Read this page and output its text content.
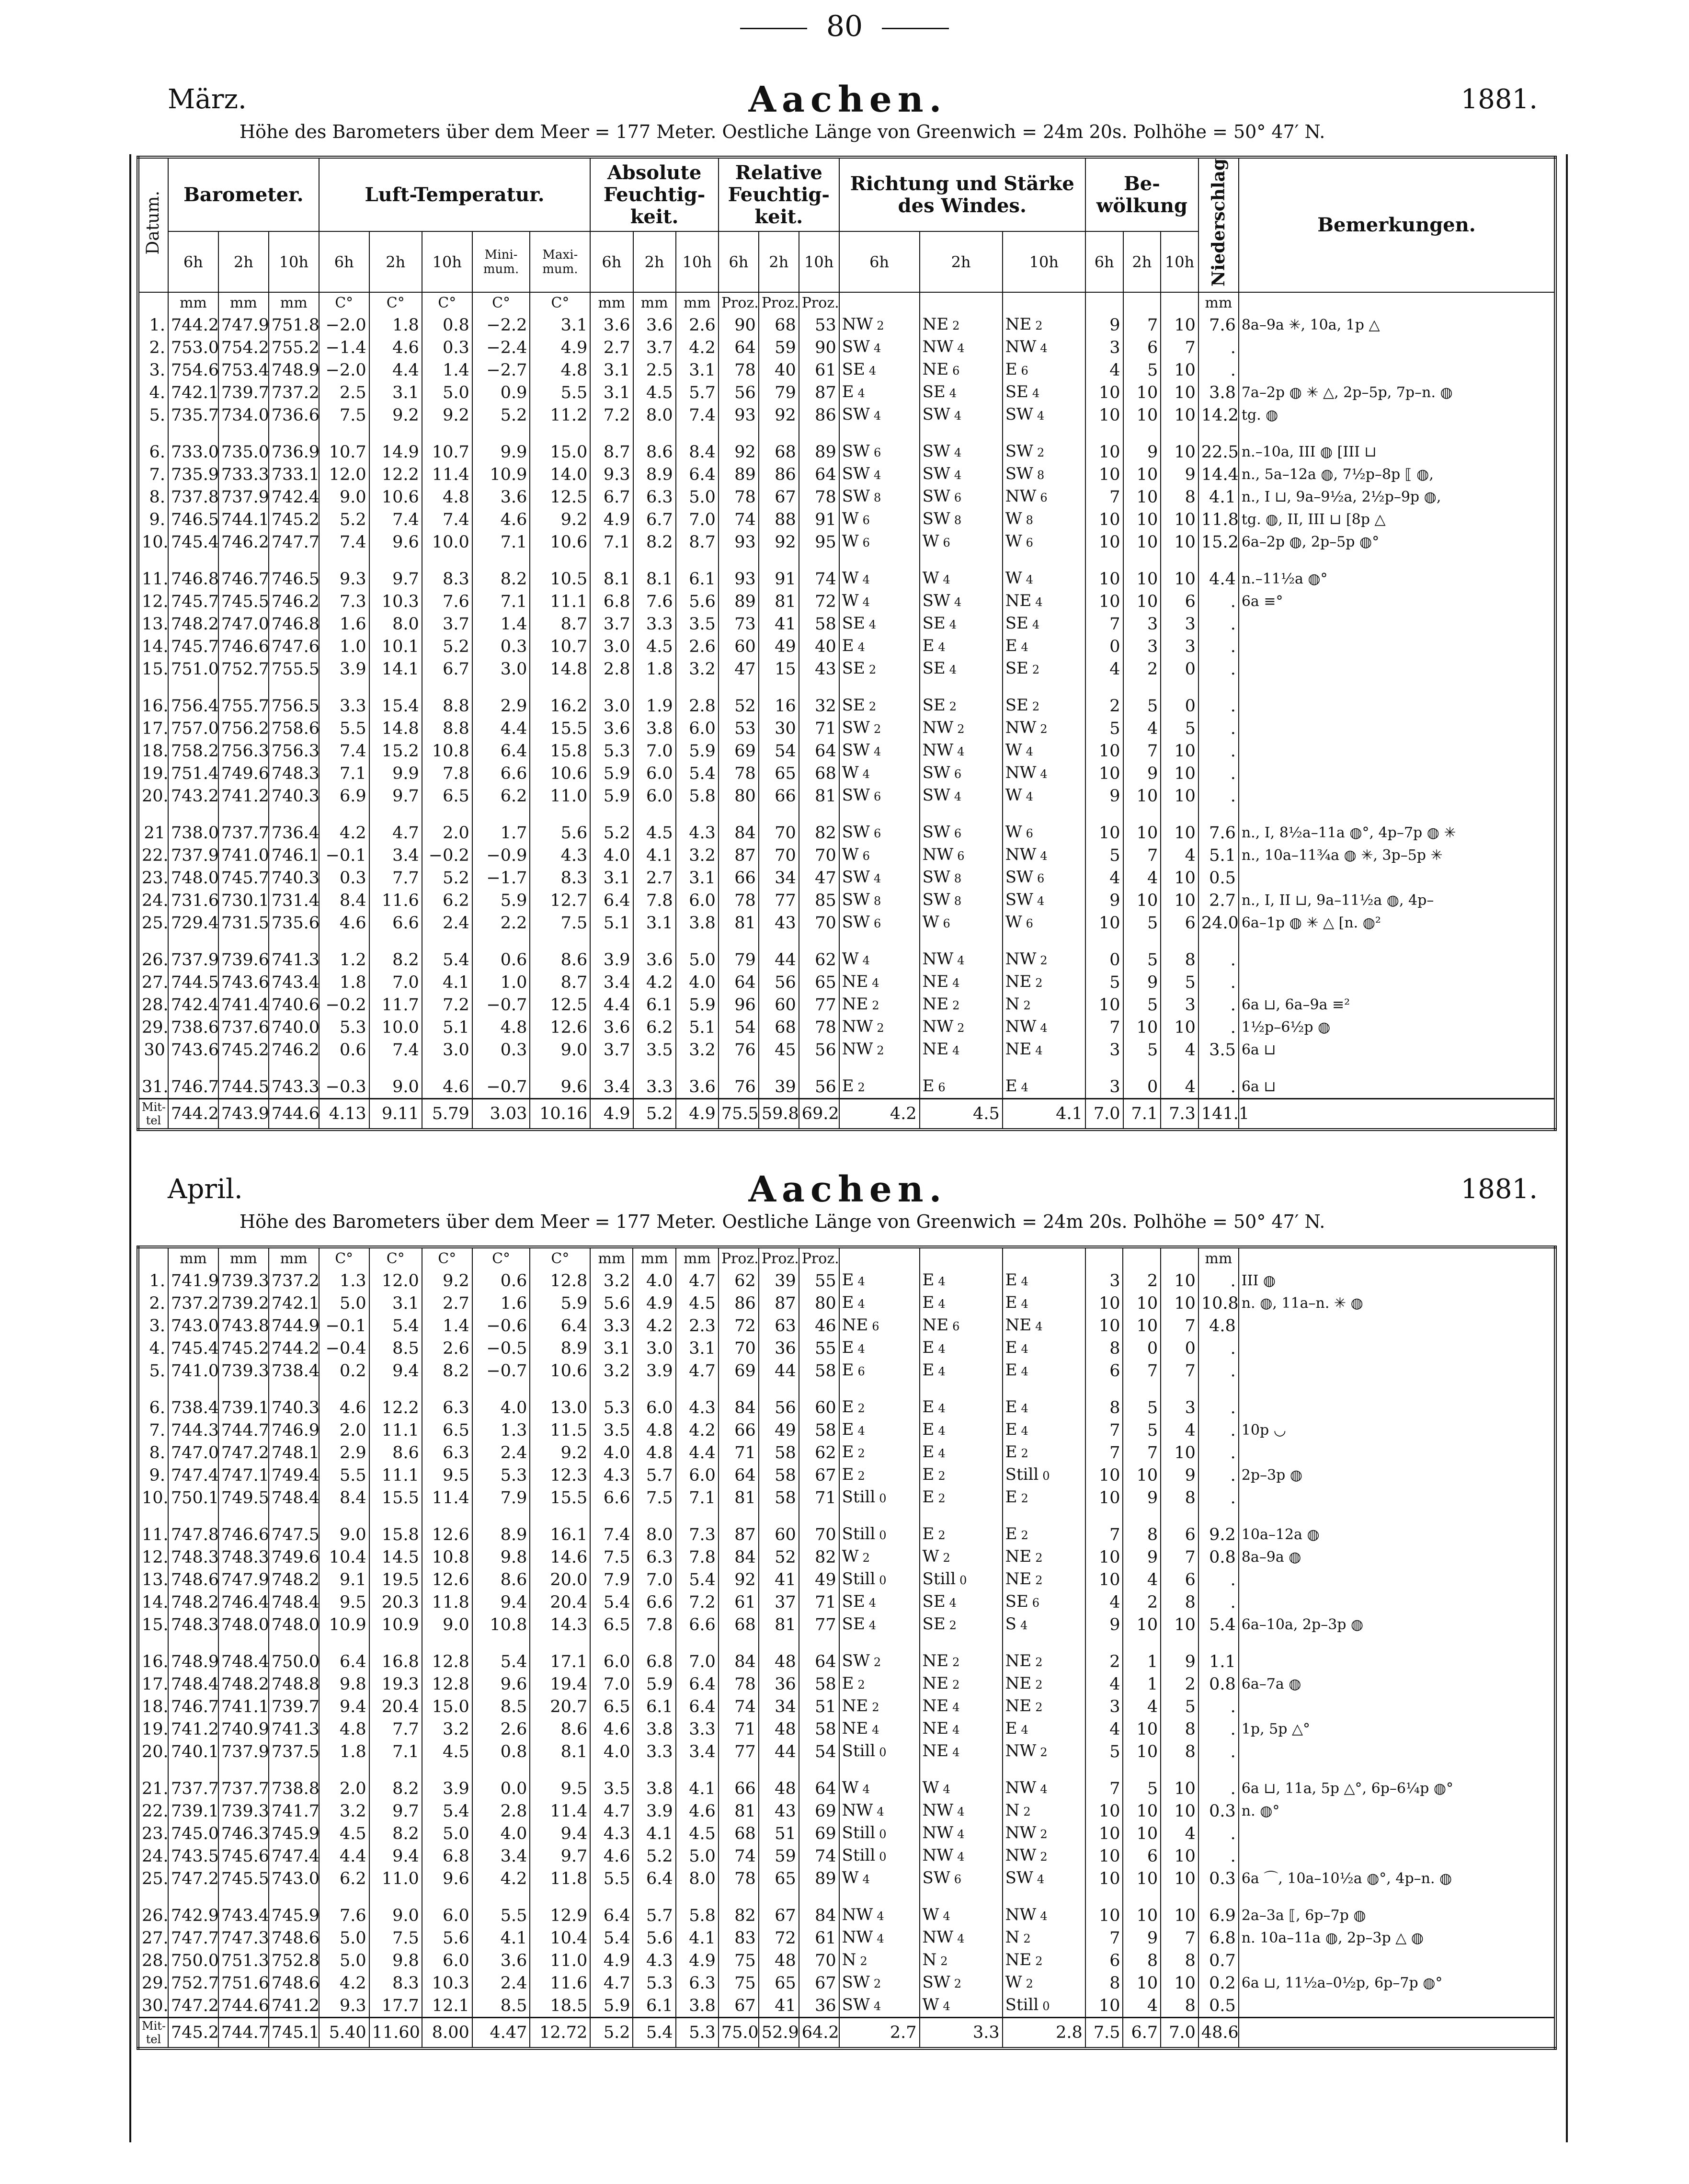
80
Aachen.
März.	1881.
Höhe des Barometers über dem Meer = 177 Meter. Oestliche Länge von Greenwich = 24m 20s. Polhöhe = 50° 47′ N.
Datum.	Barometer.			Luft-Temperatur.					Absolute Feuchtig-keit.			Relative Feuchtig-keit.			Richtung und Stärke des Windes.			Be-wölkung			Niederschlag	Bemerkungen.
	6h	2h	10h	6h	2h	10h	Mini-mum.	Maxi-mum.	6h	2h	10h	6h	2h	10h	6h	2h	10h	6h	2h	10h		
	mm	mm	mm	C°	C°	C°	C°	C°	mm	mm	mm	Proz.	Proz.	Proz.							mm	
1.	744.2	747.9	751.8	−2.0	1.8	0.8	−2.2	3.1	3.6	3.6	2.6	90	68	53	NW 2	NE 2	NE 2	9	7	10	7.6	8a–9a ✳, 10a, 1p △
2.	753.0	754.2	755.2	−1.4	4.6	0.3	−2.4	4.9	2.7	3.7	4.2	64	59	90	SW 4	NW 4	NW 4	3	6	7	.	
3.	754.6	753.4	748.9	−2.0	4.4	1.4	−2.7	4.8	3.1	2.5	3.1	78	40	61	SE 4	NE 6	E 6	4	5	10	.	
4.	742.1	739.7	737.2	2.5	3.1	5.0	0.9	5.5	3.1	4.5	5.7	56	79	87	E 4	SE 4	SE 4	10	10	10	3.8	7a–2p ◍ ✳ △, 2p–5p, 7p–n. ◍
5.	735.7	734.0	736.6	7.5	9.2	9.2	5.2	11.2	7.2	8.0	7.4	93	92	86	SW 4	SW 4	SW 4	10	10	10	14.2	tg. ◍
6.	733.0	735.0	736.9	10.7	14.9	10.7	9.9	15.0	8.7	8.6	8.4	92	68	89	SW 6	SW 4	SW 2	10	9	10	22.5	n.–10a, III ◍ [III ⊔
7.	735.9	733.3	733.1	12.0	12.2	11.4	10.9	14.0	9.3	8.9	6.4	89	86	64	SW 4	SW 4	SW 8	10	10	9	14.4	n., 5a–12a ◍, 7½p–8p ⟦ ◍,
8.	737.8	737.9	742.4	9.0	10.6	4.8	3.6	12.5	6.7	6.3	5.0	78	67	78	SW 8	SW 6	NW 6	7	10	8	4.1	n., I ⊔, 9a–9½a, 2½p–9p ◍,
9.	746.5	744.1	745.2	5.2	7.4	7.4	4.6	9.2	4.9	6.7	7.0	74	88	91	W 6	SW 8	W 8	10	10	10	11.8	tg. ◍, II, III ⊔ [8p △
10.	745.4	746.2	747.7	7.4	9.6	10.0	7.1	10.6	7.1	8.2	8.7	93	92	95	W 6	W 6	W 6	10	10	10	15.2	6a–2p ◍, 2p–5p ◍°
11.	746.8	746.7	746.5	9.3	9.7	8.3	8.2	10.5	8.1	8.1	6.1	93	91	74	W 4	W 4	W 4	10	10	10	4.4	n.–11½a ◍°
12.	745.7	745.5	746.2	7.3	10.3	7.6	7.1	11.1	6.8	7.6	5.6	89	81	72	W 4	SW 4	NE 4	10	10	6	.	6a ≡°
13.	748.2	747.0	746.8	1.6	8.0	3.7	1.4	8.7	3.7	3.3	3.5	73	41	58	SE 4	SE 4	SE 4	7	3	3	.	
14.	745.7	746.6	747.6	1.0	10.1	5.2	0.3	10.7	3.0	4.5	2.6	60	49	40	E 4	E 4	E 4	0	3	3	.	
15.	751.0	752.7	755.5	3.9	14.1	6.7	3.0	14.8	2.8	1.8	3.2	47	15	43	SE 2	SE 4	SE 2	4	2	0	.	
16.	756.4	755.7	756.5	3.3	15.4	8.8	2.9	16.2	3.0	1.9	2.8	52	16	32	SE 2	SE 2	SE 2	2	5	0	.	
17.	757.0	756.2	758.6	5.5	14.8	8.8	4.4	15.5	3.6	3.8	6.0	53	30	71	SW 2	NW 2	NW 2	5	4	5	.	
18.	758.2	756.3	756.3	7.4	15.2	10.8	6.4	15.8	5.3	7.0	5.9	69	54	64	SW 4	NW 4	W 4	10	7	10	.	
19.	751.4	749.6	748.3	7.1	9.9	7.8	6.6	10.6	5.9	6.0	5.4	78	65	68	W 4	SW 6	NW 4	10	9	10	.	
20.	743.2	741.2	740.3	6.9	9.7	6.5	6.2	11.0	5.9	6.0	5.8	80	66	81	SW 6	SW 4	W 4	9	10	10	.	
21	738.0	737.7	736.4	4.2	4.7	2.0	1.7	5.6	5.2	4.5	4.3	84	70	82	SW 6	SW 6	W 6	10	10	10	7.6	n., I, 8½a–11a ◍°, 4p–7p ◍ ✳
22.	737.9	741.0	746.1	−0.1	3.4	−0.2	−0.9	4.3	4.0	4.1	3.2	87	70	70	W 6	NW 6	NW 4	5	7	4	5.1	n., 10a–11¾a ◍ ✳, 3p–5p ✳
23.	748.0	745.7	740.3	0.3	7.7	5.2	−1.7	8.3	3.1	2.7	3.1	66	34	47	SW 4	SW 8	SW 6	4	4	10	0.5	
24.	731.6	730.1	731.4	8.4	11.6	6.2	5.9	12.7	6.4	7.8	6.0	78	77	85	SW 8	SW 8	SW 4	9	10	10	2.7	n., I, II ⊔, 9a–11½a ◍, 4p–
25.	729.4	731.5	735.6	4.6	6.6	2.4	2.2	7.5	5.1	3.1	3.8	81	43	70	SW 6	W 6	W 6	10	5	6	24.0	6a–1p ◍ ✳ △ [n. ◍²
26.	737.9	739.6	741.3	1.2	8.2	5.4	0.6	8.6	3.9	3.6	5.0	79	44	62	W 4	NW 4	NW 2	0	5	8	.	
27.	744.5	743.6	743.4	1.8	7.0	4.1	1.0	8.7	3.4	4.2	4.0	64	56	65	NE 4	NE 4	NE 2	5	9	5	.	
28.	742.4	741.4	740.6	−0.2	11.7	7.2	−0.7	12.5	4.4	6.1	5.9	96	60	77	NE 2	NE 2	N 2	10	5	3	.	6a ⊔, 6a–9a ≡²
29.	738.6	737.6	740.0	5.3	10.0	5.1	4.8	12.6	3.6	6.2	5.1	54	68	78	NW 2	NW 2	NW 4	7	10	10	.	1½p–6½p ◍
30	743.6	745.2	746.2	0.6	7.4	3.0	0.3	9.0	3.7	3.5	3.2	76	45	56	NW 2	NE 4	NE 4	3	5	4	3.5	6a ⊔
31.	746.7	744.5	743.3	−0.3	9.0	4.6	−0.7	9.6	3.4	3.3	3.6	76	39	56	E 2	E 6	E 4	3	0	4	.	6a ⊔
Mit-tel	744.2	743.9	744.6	4.13	9.11	5.79	3.03	10.16	4.9	5.2	4.9	75.5	59.8	69.2	4.2	4.5	4.1	7.0	7.1	7.3	141.1	
Aachen.
April.	1881.
Höhe des Barometers über dem Meer = 177 Meter. Oestliche Länge von Greenwich = 24m 20s. Polhöhe = 50° 47′ N.
	mm	mm	mm	C°	C°	C°	C°	C°	mm	mm	mm	Proz.	Proz.	Proz.							mm	
1.	741.9	739.3	737.2	1.3	12.0	9.2	0.6	12.8	3.2	4.0	4.7	62	39	55	E 4	E 4	E 4	3	2	10	.	III ◍
2.	737.2	739.2	742.1	5.0	3.1	2.7	1.6	5.9	5.6	4.9	4.5	86	87	80	E 4	E 4	E 4	10	10	10	10.8	n. ◍, 11a–n. ✳ ◍
3.	743.0	743.8	744.9	−0.1	5.4	1.4	−0.6	6.4	3.3	4.2	2.3	72	63	46	NE 6	NE 6	NE 4	10	10	7	4.8	
4.	745.4	745.2	744.2	−0.4	8.5	2.6	−0.5	8.9	3.1	3.0	3.1	70	36	55	E 4	E 4	E 4	8	0	0	.	
5.	741.0	739.3	738.4	0.2	9.4	8.2	−0.7	10.6	3.2	3.9	4.7	69	44	58	E 6	E 4	E 4	6	7	7	.	
6.	738.4	739.1	740.3	4.6	12.2	6.3	4.0	13.0	5.3	6.0	4.3	84	56	60	E 2	E 4	E 4	8	5	3	.	
7.	744.3	744.7	746.9	2.0	11.1	6.5	1.3	11.5	3.5	4.8	4.2	66	49	58	E 4	E 4	E 4	7	5	4	.	10p ◡
8.	747.0	747.2	748.1	2.9	8.6	6.3	2.4	9.2	4.0	4.8	4.4	71	58	62	E 2	E 4	E 2	7	7	10	.	
9.	747.4	747.1	749.4	5.5	11.1	9.5	5.3	12.3	4.3	5.7	6.0	64	58	67	E 2	E 2	Still 0	10	10	9	.	2p–3p ◍
10.	750.1	749.5	748.4	8.4	15.5	11.4	7.9	15.5	6.6	7.5	7.1	81	58	71	Still 0	E 2	E 2	10	9	8	.	
11.	747.8	746.6	747.5	9.0	15.8	12.6	8.9	16.1	7.4	8.0	7.3	87	60	70	Still 0	E 2	E 2	7	8	6	9.2	10a–12a ◍
12.	748.3	748.3	749.6	10.4	14.5	10.8	9.8	14.6	7.5	6.3	7.8	84	52	82	W 2	W 2	NE 2	10	9	7	0.8	8a–9a ◍
13.	748.6	747.9	748.2	9.1	19.5	12.6	8.6	20.0	7.9	7.0	5.4	92	41	49	Still 0	Still 0	NE 2	10	4	6	.	
14.	748.2	746.4	748.4	9.5	20.3	11.8	9.4	20.4	5.4	6.6	7.2	61	37	71	SE 4	SE 4	SE 6	4	2	8	.	
15.	748.3	748.0	748.0	10.9	10.9	9.0	10.8	14.3	6.5	7.8	6.6	68	81	77	SE 4	SE 2	S 4	9	10	10	5.4	6a–10a, 2p–3p ◍
16.	748.9	748.4	750.0	6.4	16.8	12.8	5.4	17.1	6.0	6.8	7.0	84	48	64	SW 2	NE 2	NE 2	2	1	9	1.1	
17.	748.4	748.2	748.8	9.8	19.3	12.8	9.6	19.4	7.0	5.9	6.4	78	36	58	E 2	NE 2	NE 2	4	1	2	0.8	6a–7a ◍
18.	746.7	741.1	739.7	9.4	20.4	15.0	8.5	20.7	6.5	6.1	6.4	74	34	51	NE 2	NE 4	NE 2	3	4	5	.	
19.	741.2	740.9	741.3	4.8	7.7	3.2	2.6	8.6	4.6	3.8	3.3	71	48	58	NE 4	NE 4	E 4	4	10	8	.	1p, 5p △°
20.	740.1	737.9	737.5	1.8	7.1	4.5	0.8	8.1	4.0	3.3	3.4	77	44	54	Still 0	NE 4	NW 2	5	10	8	.	
21.	737.7	737.7	738.8	2.0	8.2	3.9	0.0	9.5	3.5	3.8	4.1	66	48	64	W 4	W 4	NW 4	7	5	10	.	6a ⊔, 11a, 5p △°, 6p–6¼p ◍°
22.	739.1	739.3	741.7	3.2	9.7	5.4	2.8	11.4	4.7	3.9	4.6	81	43	69	NW 4	NW 4	N 2	10	10	10	0.3	n. ◍°
23.	745.0	746.3	745.9	4.5	8.2	5.0	4.0	9.4	4.3	4.1	4.5	68	51	69	Still 0	NW 4	NW 2	10	10	4	.	
24.	743.5	745.6	747.4	4.4	9.4	6.8	3.4	9.7	4.6	5.2	5.0	74	59	74	Still 0	NW 4	NW 2	10	6	10	.	
25.	747.2	745.5	743.0	6.2	11.0	9.6	4.2	11.8	5.5	6.4	8.0	78	65	89	W 4	SW 6	SW 4	10	10	10	0.3	6a ⌒, 10a–10½a ◍°, 4p–n. ◍
26.	742.9	743.4	745.9	7.6	9.0	6.0	5.5	12.9	6.4	5.7	5.8	82	67	84	NW 4	W 4	NW 4	10	10	10	6.9	2a–3a ⟦, 6p–7p ◍
27.	747.7	747.3	748.6	5.0	7.5	5.6	4.1	10.4	5.4	5.6	4.1	83	72	61	NW 4	NW 4	N 2	7	9	7	6.8	n. 10a–11a ◍, 2p–3p △ ◍
28.	750.0	751.3	752.8	5.0	9.8	6.0	3.6	11.0	4.9	4.3	4.9	75	48	70	N 2	N 2	NE 2	6	8	8	0.7	
29.	752.7	751.6	748.6	4.2	8.3	10.3	2.4	11.6	4.7	5.3	6.3	75	65	67	SW 2	SW 2	W 2	8	10	10	0.2	6a ⊔, 11½a–0½p, 6p–7p ◍°
30.	747.2	744.6	741.2	9.3	17.7	12.1	8.5	18.5	5.9	6.1	3.8	67	41	36	SW 4	W 4	Still 0	10	4	8	0.5	
Mit-tel	745.2	744.7	745.1	5.40	11.60	8.00	4.47	12.72	5.2	5.4	5.3	75.0	52.9	64.2	2.7	3.3	2.8	7.5	6.7	7.0	48.6	
